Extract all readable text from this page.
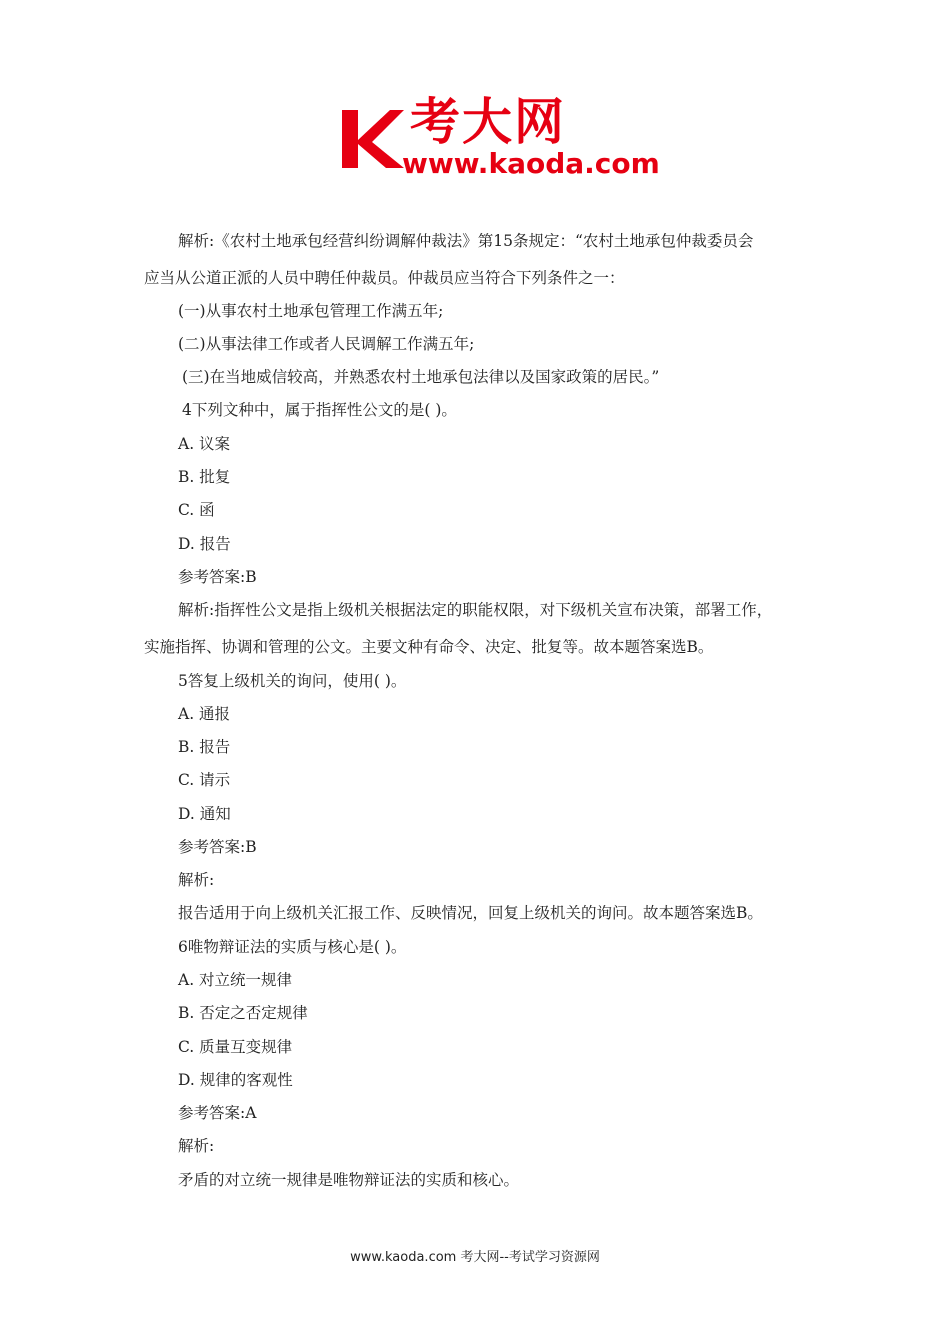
考大网
www.kaoda.com
解析:《农村土地承包经营纠纷调解仲裁法》第15条规定：“农村土地承包仲裁委员会
应当从公道正派的人员中聘任仲裁员。仲裁员应当符合下列条件之一：
(一)从事农村土地承包管理工作满五年;
(二)从事法律工作或者人民调解工作满五年;
(三)在当地威信较高，并熟悉农村土地承包法律以及国家政策的居民。”
4下列文种中，属于指挥性公文的是( )。
A. 议案
B. 批复
C. 函
D. 报告
参考答案:B
解析:指挥性公文是指上级机关根据法定的职能权限，对下级机关宣布决策，部署工作，
实施指挥、协调和管理的公文。主要文种有命令、决定、批复等。故本题答案选B。
5答复上级机关的询问，使用( )。
A. 通报
B. 报告
C. 请示
D. 通知
参考答案:B
解析:
报告适用于向上级机关汇报工作、反映情况，回复上级机关的询问。故本题答案选B。
6唯物辩证法的实质与核心是( )。
A. 对立统一规律
B. 否定之否定规律
C. 质量互变规律
D. 规律的客观性
参考答案:A
解析:
矛盾的对立统一规律是唯物辩证法的实质和核心。
www.kaoda.com 考大网--考试学习资源网
